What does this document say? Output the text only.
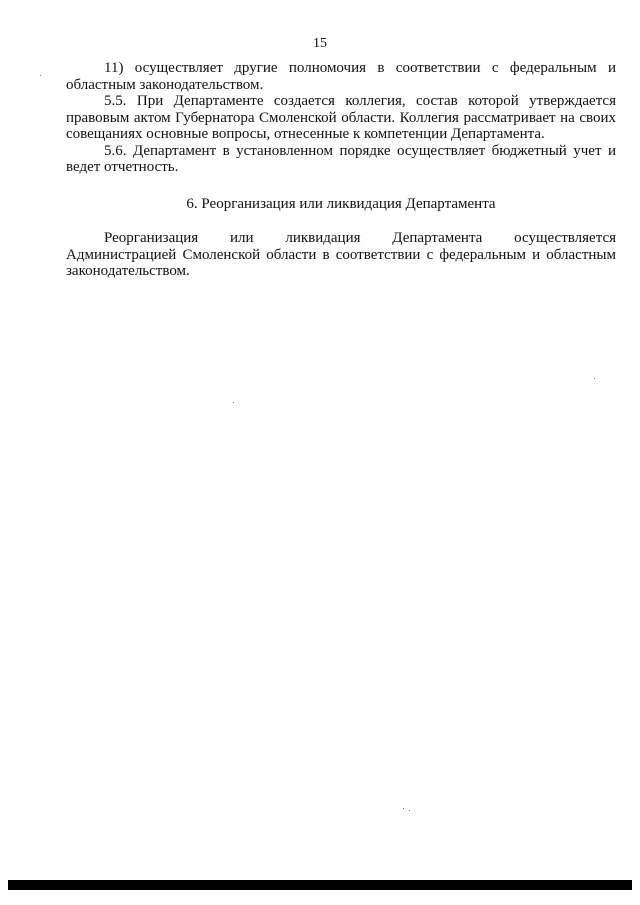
15

11) осуществляет другие полномочия в соответствии с федеральным и областным законодательством.

5.5. При Департаменте создается коллегия, состав которой утверждается правовым актом Губернатора Смоленской области. Коллегия рассматривает на своих совещаниях основные вопросы, отнесенные к компетенции Департамента.

5.6. Департамент в установленном порядке осуществляет бюджетный учет и ведет отчетность.

6. Реорганизация или ликвидация Департамента

Реорганизация или ликвидация Департамента осуществляется Администрацией Смоленской области в соответствии с федеральным и областным законодательством.
